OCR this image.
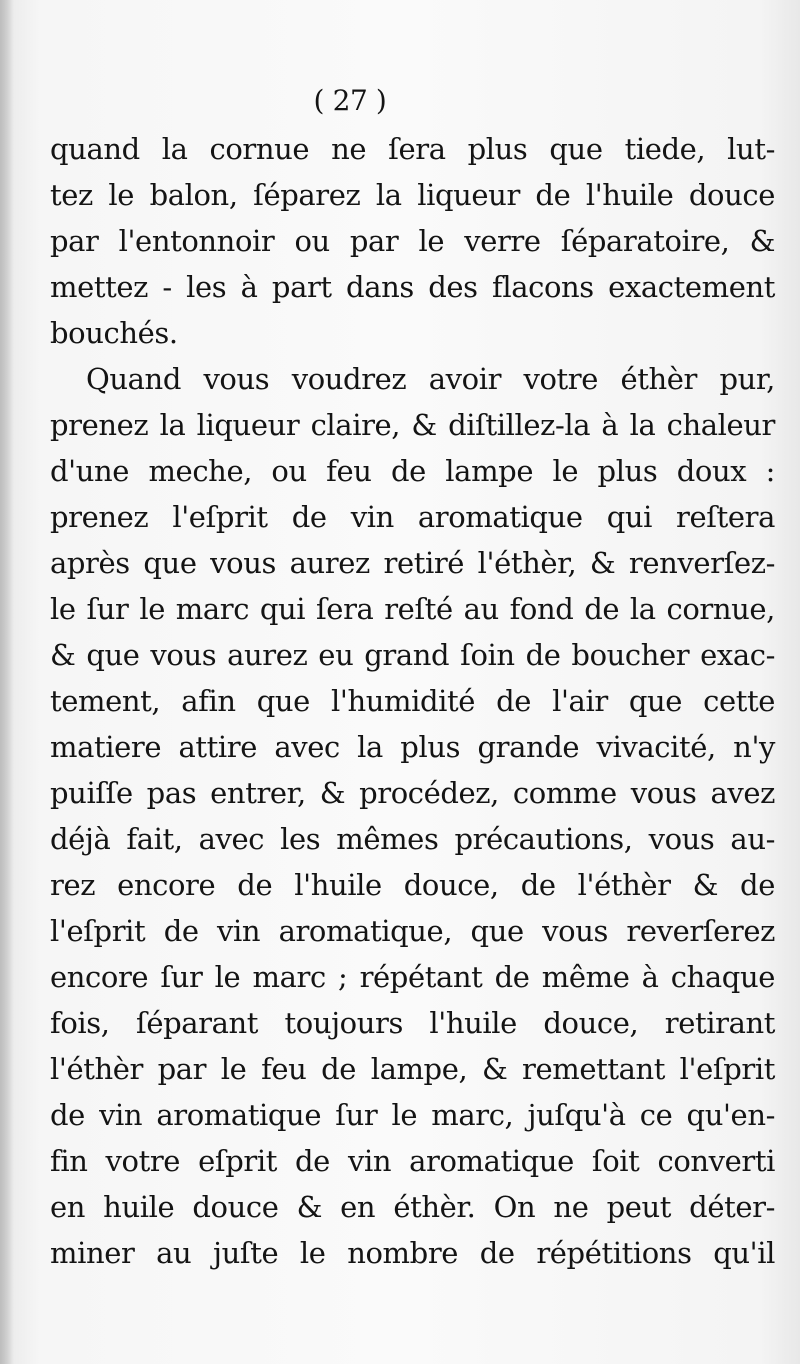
( 27 )
quand la cornue ne ſera plus que tiede, lut-
tez le balon, ſéparez la liqueur de l'huile douce
par l'entonnoir ou par le verre ſéparatoire, &
mettez - les à part dans des flacons exactement
bouchés.
Quand vous voudrez avoir votre éthèr pur,
prenez la liqueur claire, & diſtillez-la à la chaleur
d'une meche, ou feu de lampe le plus doux :
prenez l'eſprit de vin aromatique qui reſtera
après que vous aurez retiré l'éthèr, & renverſez-
le ſur le marc qui ſera reſté au fond de la cornue,
& que vous aurez eu grand ſoin de boucher exac-
tement, afin que l'humidité de l'air que cette
matiere attire avec la plus grande vivacité, n'y
puiſſe pas entrer, & procédez, comme vous avez
déjà fait, avec les mêmes précautions, vous au-
rez encore de l'huile douce, de l'éthèr & de
l'eſprit de vin aromatique, que vous reverſerez
encore ſur le marc ; répétant de même à chaque
fois, ſéparant toujours l'huile douce, retirant
l'éthèr par le feu de lampe, & remettant l'eſprit
de vin aromatique ſur le marc, juſqu'à ce qu'en-
fin votre eſprit de vin aromatique ſoit converti
en huile douce & en éthèr. On ne peut déter-
miner au juſte le nombre de répétitions qu'il
